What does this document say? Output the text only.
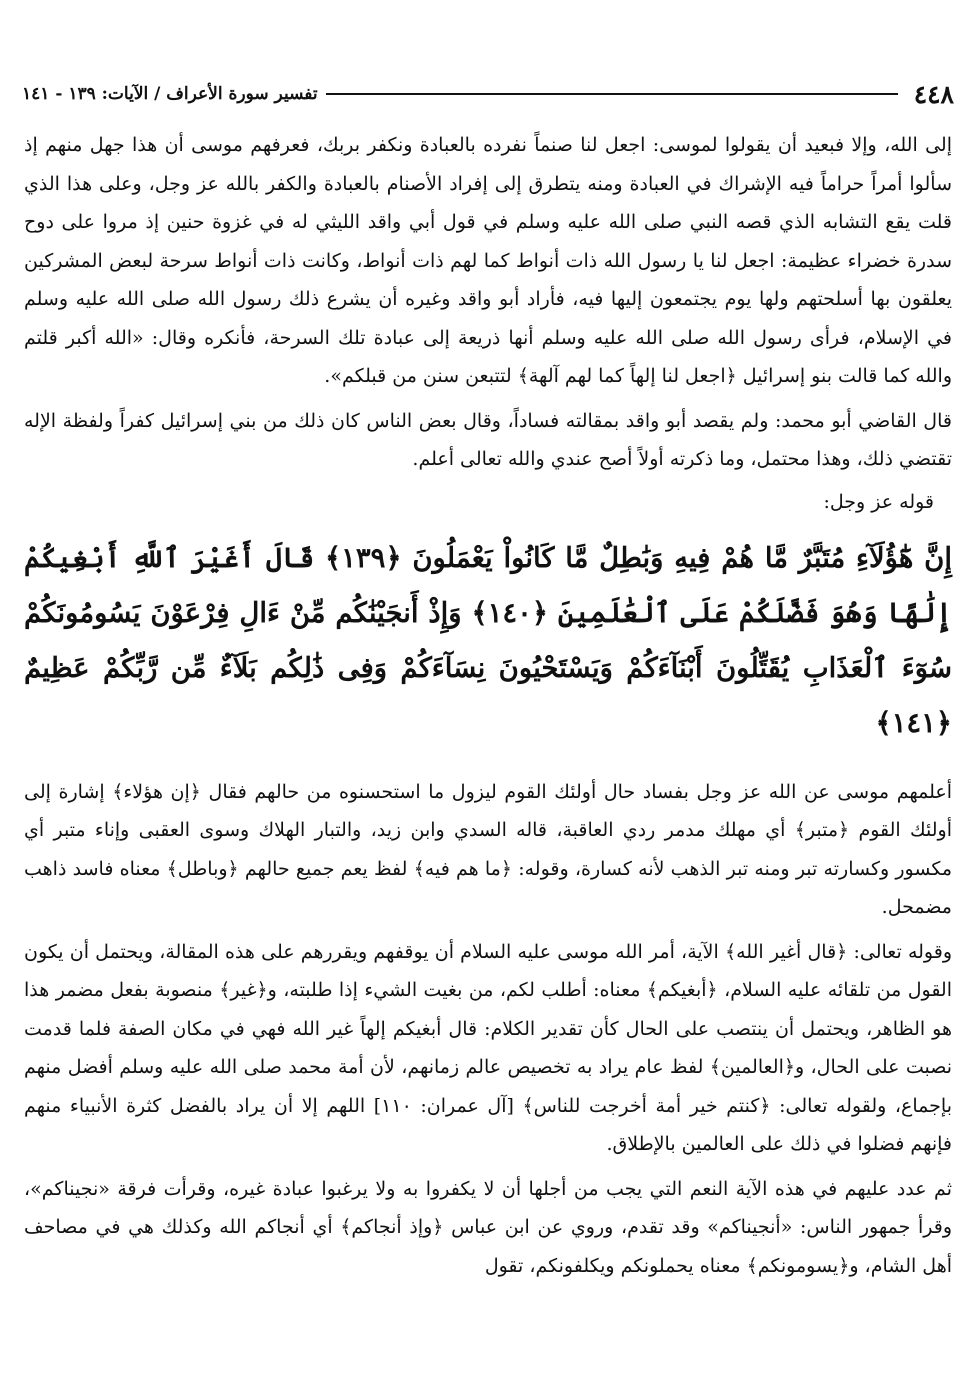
٤٤٨
تفسير سورة الأعراف / الآيات: ١٣٩ - ١٤١

إلى الله، وإلا فبعيد أن يقولوا لموسى: اجعل لنا صنماً نفرده بالعبادة ونكفر بربك، فعرفهم موسى أن هذا جهل منهم إذ سألوا أمراً حراماً فيه الإشراك في العبادة ومنه يتطرق إلى إفراد الأصنام بالعبادة والكفر بالله عز وجل، وعلى هذا الذي قلت يقع التشابه الذي قصه النبي صلى الله عليه وسلم في قول أبي واقد الليثي له في غزوة حنين إذ مروا على دوح سدرة خضراء عظيمة: اجعل لنا يا رسول الله ذات أنواط كما لهم ذات أنواط، وكانت ذات أنواط سرحة لبعض المشركين يعلقون بها أسلحتهم ولها يوم يجتمعون إليها فيه، فأراد أبو واقد وغيره أن يشرع ذلك رسول الله صلى الله عليه وسلم في الإسلام، فرأى رسول الله صلى الله عليه وسلم أنها ذريعة إلى عبادة تلك السرحة، فأنكره وقال: «الله أكبر قلتم والله كما قالت بنو إسرائيل ﴿اجعل لنا إلهاً كما لهم آلهة﴾ لتتبعن سنن من قبلكم».

قال القاضي أبو محمد: ولم يقصد أبو واقد بمقالته فساداً، وقال بعض الناس كان ذلك من بني إسرائيل كفراً ولفظة الإله تقتضي ذلك، وهذا محتمل، وما ذكرته أولاً أصح عندي والله تعالى أعلم.

قوله عز وجل:

إِنَّ هَٰٓؤُلَآءِ مُتَبَّرٌ مَّا هُمْ فِيهِ وَبَٰطِلٌ مَّا كَانُواْ يَعْمَلُونَ ﴿١٣٩﴾ قَالَ أَغَيْرَ ٱللَّهِ أَبْغِيكُمْ إِلَٰهًا وَهُوَ فَضَّلَكُمْ عَلَى ٱلْعَٰلَمِينَ ﴿١٤٠﴾ وَإِذْ أَنجَيْنَٰكُم مِّنْ ءَالِ فِرْعَوْنَ يَسُومُونَكُمْ سُوٓءَ ٱلْعَذَابِ يُقَتِّلُونَ أَبْنَآءَكُمْ وَيَسْتَحْيُونَ نِسَآءَكُمْ وَفِى ذَٰلِكُم بَلَآءٌ مِّن رَّبِّكُمْ عَظِيمٌ ﴿١٤١﴾

أعلمهم موسى عن الله عز وجل بفساد حال أولئك القوم ليزول ما استحسنوه من حالهم فقال ﴿إن هؤلاء﴾ إشارة إلى أولئك القوم ﴿متبر﴾ أي مهلك مدمر ردي العاقبة، قاله السدي وابن زيد، والتبار الهلاك وسوى العقبى وإناء متبر أي مكسور وكسارته تبر ومنه تبر الذهب لأنه كسارة، وقوله: ﴿ما هم فيه﴾ لفظ يعم جميع حالهم ﴿وباطل﴾ معناه فاسد ذاهب مضمحل.

وقوله تعالى: ﴿قال أغير الله﴾ الآية، أمر الله موسى عليه السلام أن يوقفهم ويقررهم على هذه المقالة، ويحتمل أن يكون القول من تلقائه عليه السلام، ﴿أبغيكم﴾ معناه: أطلب لكم، من بغيت الشيء إذا طلبته، و﴿غير﴾ منصوبة بفعل مضمر هذا هو الظاهر، ويحتمل أن ينتصب على الحال كأن تقدير الكلام: قال أبغيكم إلهاً غير الله فهي في مكان الصفة فلما قدمت نصبت على الحال، و﴿العالمين﴾ لفظ عام يراد به تخصيص عالم زمانهم، لأن أمة محمد صلى الله عليه وسلم أفضل منهم بإجماع، ولقوله تعالى: ﴿كنتم خير أمة أخرجت للناس﴾ [آل عمران: ١١٠] اللهم إلا أن يراد بالفضل كثرة الأنبياء منهم فإنهم فضلوا في ذلك على العالمين بالإطلاق.

ثم عدد عليهم في هذه الآية النعم التي يجب من أجلها أن لا يكفروا به ولا يرغبوا عبادة غيره، وقرأت فرقة «نجيناكم»، وقرأ جمهور الناس: «أنجيناكم» وقد تقدم، وروي عن ابن عباس ﴿وإذ أنجاكم﴾ أي أنجاكم الله وكذلك هي في مصاحف أهل الشام، و﴿يسومونكم﴾ معناه يحملونكم ويكلفونكم، تقول
